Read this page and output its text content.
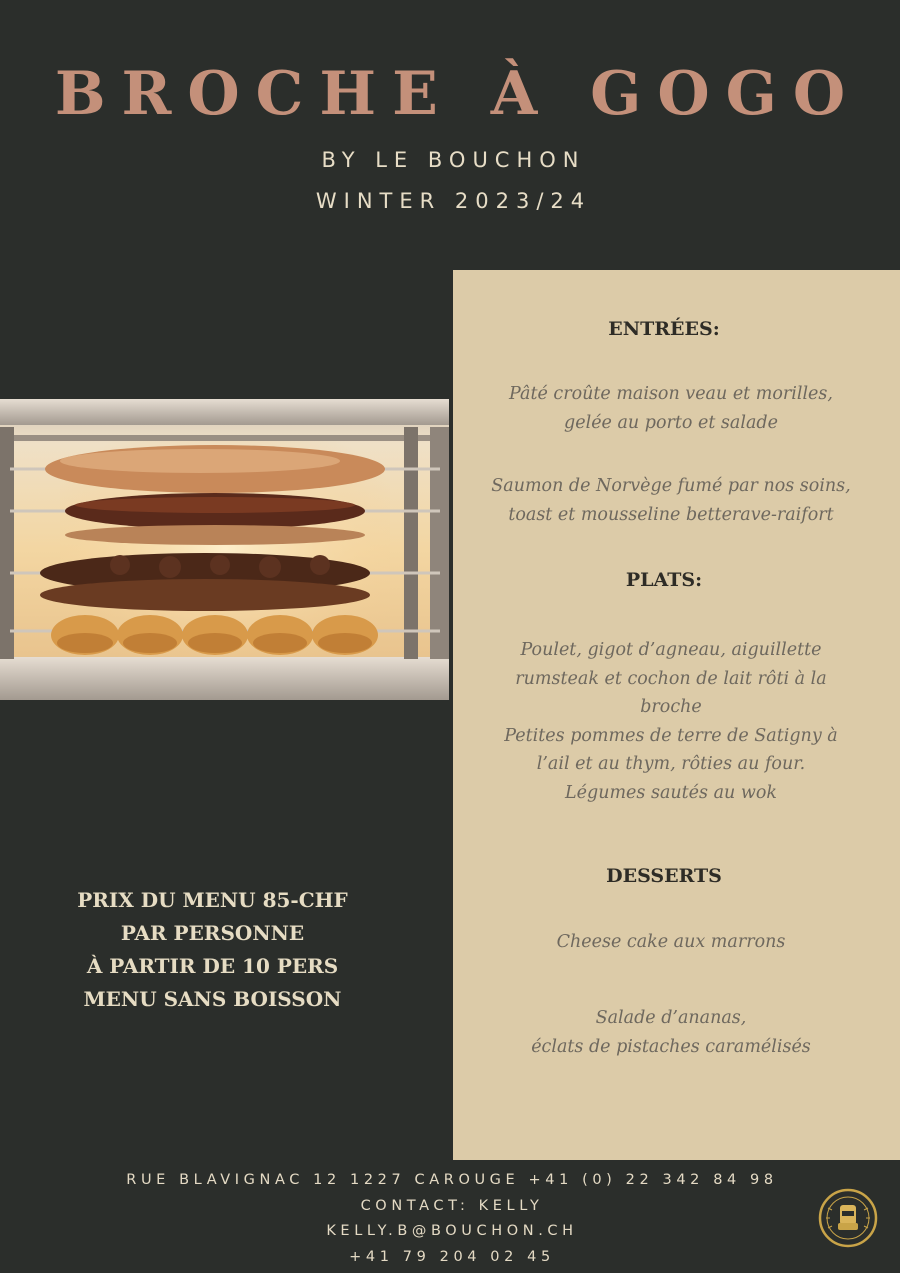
BROCHE À GOGO
BY LE BOUCHON
WINTER 2023/24
ENTRÉES:
Pâté croûte maison veau et morilles,
gelée au porto et salade
Saumon de Norvège fumé par nos soins,
toast et mousseline betterave-raifort
PLATS:
Poulet, gigot d’agneau, aiguillette
rumsteak et cochon de lait rôti à la
broche
Petites pommes de terre de Satigny à
l’ail et au thym, rôties au four.
Légumes sautés au wok
DESSERTS
Cheese cake aux marrons
Salade d’ananas,
éclats de pistaches caramélisés
PRIX DU MENU 85-CHF
PAR PERSONNE
À PARTIR DE 10 PERS
MENU SANS BOISSON
RUE BLAVIGNAC 12 1227 CAROUGE +41 (0) 22 342 84 98
CONTACT: KELLY
KELLY.B@BOUCHON.CH
+41 79 204 02 45
